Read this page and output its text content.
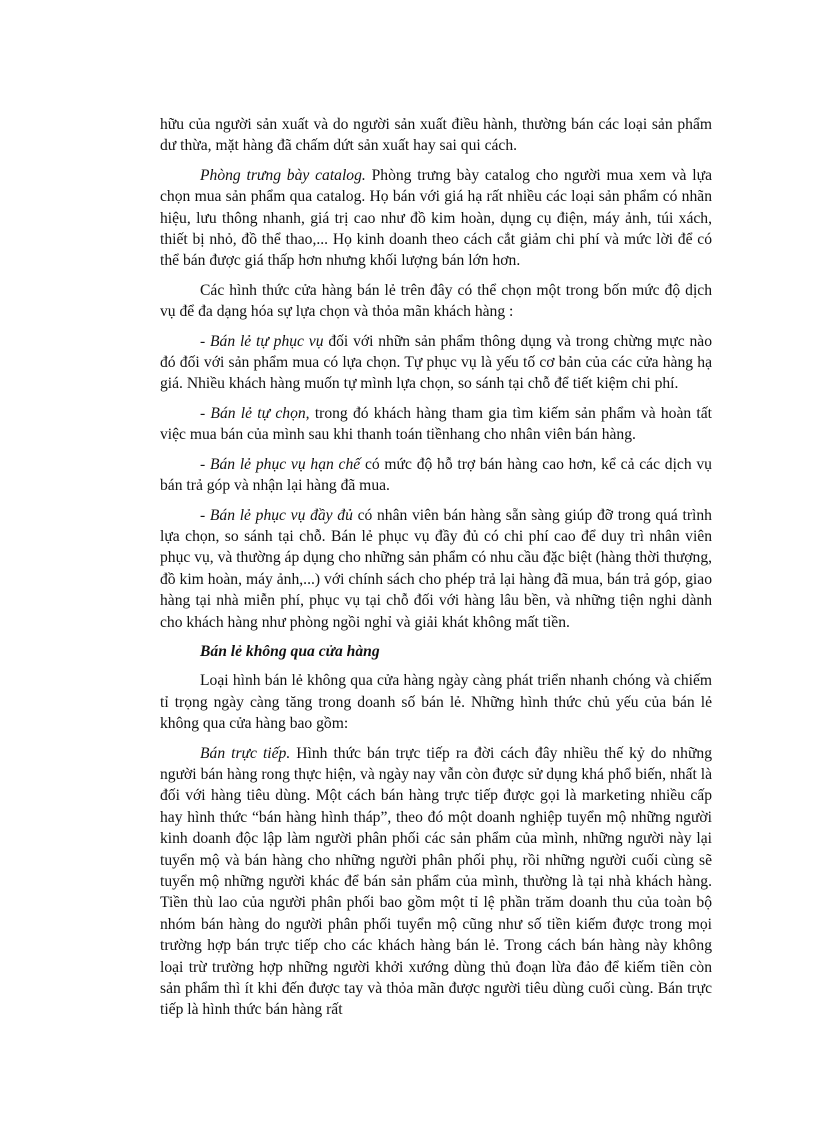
hữu của người sản xuất và do người sản xuất điều hành, thường bán các loại sản phẩm dư thừa, mặt hàng đã chấm dứt sản xuất hay sai qui cách.

Phòng trưng bày catalog. Phòng trưng bày catalog cho người mua xem và lựa chọn mua sản phẩm qua catalog. Họ bán với giá hạ rất nhiều các loại sản phẩm có nhãn hiệu, lưu thông nhanh, giá trị cao như đồ kim hoàn, dụng cụ điện, máy ảnh, túi xách, thiết bị nhỏ, đồ thể thao,... Họ kinh doanh theo cách cắt giảm chi phí và mức lời để có thể bán được giá thấp hơn nhưng khối lượng bán lớn hơn.

Các hình thức cửa hàng bán lẻ trên đây có thể chọn một trong bốn mức độ dịch vụ để đa dạng hóa sự lựa chọn và thỏa mãn khách hàng :

- Bán lẻ tự phục vụ đối với nhữn sản phẩm thông dụng và trong chừng mực nào đó đối với sản phẩm mua có lựa chọn. Tự phục vụ là yếu tố cơ bản của các cửa hàng hạ giá. Nhiều khách hàng muốn tự mình lựa chọn, so sánh tại chỗ để tiết kiệm chi phí.

- Bán lẻ tự chọn, trong đó khách hàng tham gia tìm kiếm sản phẩm và hoàn tất việc mua bán của mình sau khi thanh toán tiềnhang cho nhân viên bán hàng.

- Bán lẻ phục vụ hạn chế có mức độ hỗ trợ bán hàng cao hơn, kể cả các dịch vụ bán trả góp và nhận lại hàng đã mua.

- Bán lẻ phục vụ đầy đủ có nhân viên bán hàng sẵn sàng giúp đỡ trong quá trình lựa chọn, so sánh tại chỗ. Bán lẻ phục vụ đầy đủ có chi phí cao để duy trì nhân viên phục vụ, và thường áp dụng cho những sản phẩm có nhu cầu đặc biệt (hàng thời thượng, đồ kim hoàn, máy ảnh,...) với chính sách cho phép trả lại hàng đã mua, bán trả góp, giao hàng tại nhà miễn phí, phục vụ tại chỗ đối với hàng lâu bền, và những tiện nghi dành cho khách hàng như phòng ngồi nghỉ và giải khát không mất tiền.

Bán lẻ không qua cửa hàng

Loại hình bán lẻ không qua cửa hàng ngày càng phát triển nhanh chóng và chiếm tỉ trọng ngày càng tăng trong doanh số bán lẻ. Những hình thức chủ yếu của bán lẻ không qua cửa hàng bao gồm:

Bán trực tiếp. Hình thức bán trực tiếp ra đời cách đây nhiều thế kỷ do những người bán hàng rong thực hiện, và ngày nay vẫn còn được sử dụng khá phổ biến, nhất là đối với hàng tiêu dùng. Một cách bán hàng trực tiếp được gọi là marketing nhiều cấp hay hình thức “bán hàng hình tháp”, theo đó một doanh nghiệp tuyển mộ những người kinh doanh độc lập làm người phân phối các sản phẩm của mình, những người này lại tuyển mộ và bán hàng cho những người phân phối phụ, rồi những người cuối cùng sẽ tuyển mộ những người khác để bán sản phẩm của mình, thường là tại nhà khách hàng. Tiền thù lao của người phân phối bao gồm một tỉ lệ phần trăm doanh thu của toàn bộ nhóm bán hàng do người phân phối tuyển mộ cũng như số tiền kiếm được trong mọi trường hợp bán trực tiếp cho các khách hàng bán lẻ. Trong cách bán hàng này không loại trừ trường hợp những người khởi xướng dùng thủ đoạn lừa đảo để kiếm tiền còn sản phẩm thì ít khi đến được tay và thỏa mãn được người tiêu dùng cuối cùng. Bán trực tiếp là hình thức bán hàng rất
